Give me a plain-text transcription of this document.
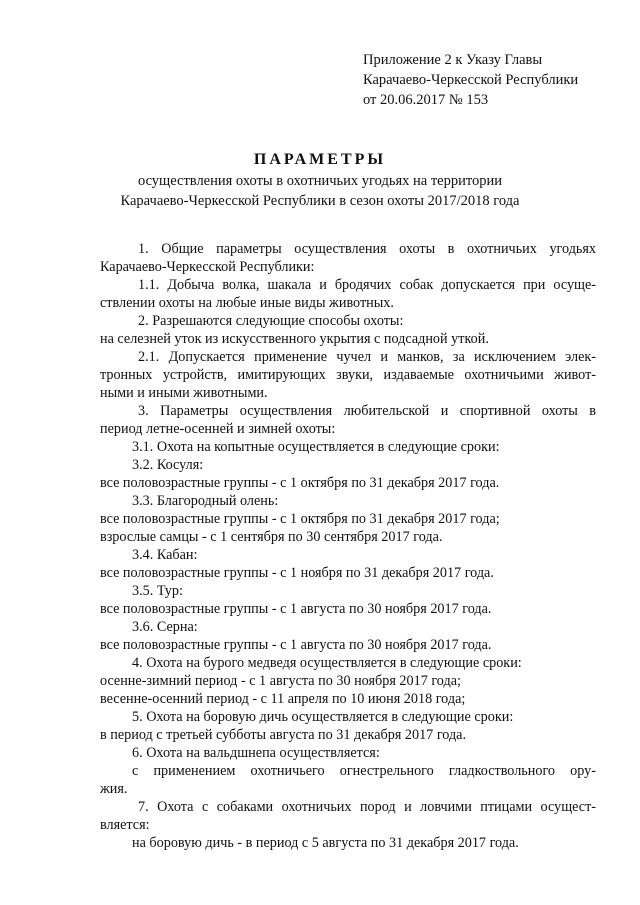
Приложение 2 к Указу Главы
Карачаево-Черкесской Республики
от 20.06.2017 № 153
ПАРАМЕТРЫ
осуществления охоты в охотничьих угодьях на территории
Карачаево-Черкесской Республики в сезон охоты 2017/2018 года
1. Общие параметры осуществления охоты в охотничьих угодьях
Карачаево-Черкесской Республики:
1.1. Добыча волка, шакала и бродячих собак допускается при осуще-
ствлении охоты на любые иные виды животных.
2. Разрешаются следующие способы охоты:
на селезней уток из искусственного укрытия с подсадной уткой.
2.1. Допускается применение чучел и манков, за исключением элек-
тронных устройств, имитирующих звуки, издаваемые охотничьими живот-
ными и иными животными.
3. Параметры осуществления любительской и спортивной охоты в
период летне-осенней и зимней охоты:
3.1. Охота на копытные осуществляется в следующие сроки:
3.2. Косуля:
все половозрастные группы - с 1 октября по 31 декабря 2017 года.
3.3. Благородный олень:
все половозрастные группы - с 1 октября по 31 декабря 2017 года;
взрослые самцы - с 1 сентября по 30 сентября 2017 года.
3.4. Кабан:
все половозрастные группы - с 1 ноября по 31 декабря 2017 года.
3.5. Тур:
все половозрастные группы - с 1 августа по 30 ноября 2017 года.
3.6. Серна:
все половозрастные группы - с 1 августа по 30 ноября 2017 года.
4. Охота на бурого медведя осуществляется в следующие сроки:
осенне-зимний период - с 1 августа по 30 ноября 2017 года;
весенне-осенний период - с 11 апреля по 10 июня 2018 года;
5. Охота на боровую дичь осуществляется в следующие сроки:
в период с третьей субботы августа по 31 декабря 2017 года.
6. Охота на вальдшнепа осуществляется:
с применением охотничьего огнестрельного гладкоствольного ору-
жия.
7. Охота с собаками охотничьих пород и ловчими птицами осущест-
вляется:
на боровую дичь - в период с 5 августа по 31 декабря 2017 года.
